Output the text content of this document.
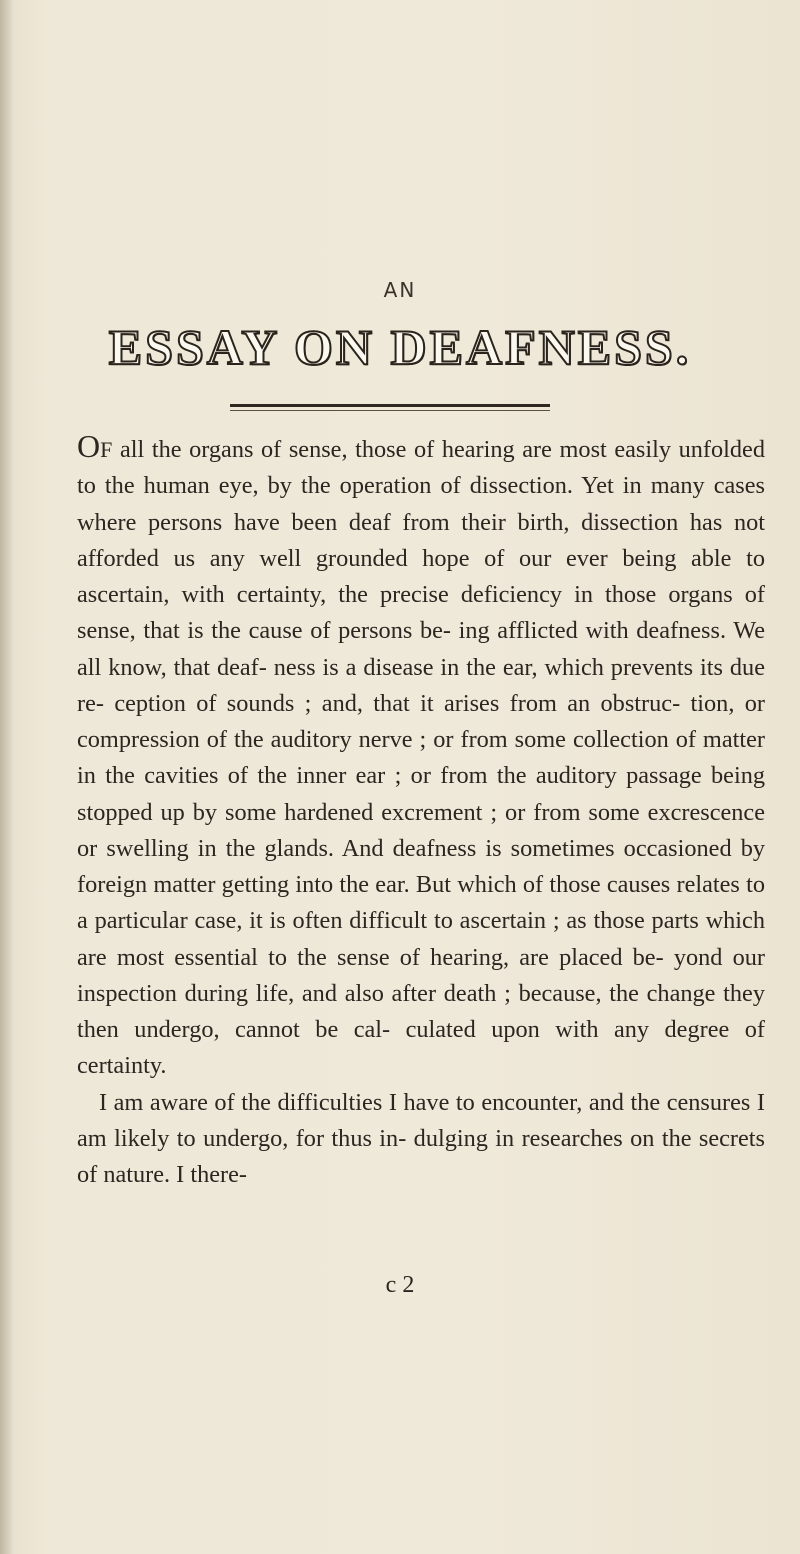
AN
ESSAY ON DEAFNESS.

Of all the organs of sense, those of hearing are most easily unfolded to the human eye, by the operation of dissection. Yet in many cases where persons have been deaf from their birth, dissection has not afforded us any well grounded hope of our ever being able to ascertain, with certainty, the precise deficiency in those organs of sense, that is the cause of persons be- ing afflicted with deafness. We all know, that deaf- ness is a disease in the ear, which prevents its due re- ception of sounds ; and, that it arises from an obstruc- tion, or compression of the auditory nerve ; or from some collection of matter in the cavities of the inner ear ; or from the auditory passage being stopped up by some hardened excrement ; or from some excrescence or swelling in the glands. And deafness is sometimes occasioned by foreign matter getting into the ear. But which of those causes relates to a particular case, it is often difficult to ascertain ; as those parts which are most essential to the sense of hearing, are placed be- yond our inspection during life, and also after death ; because, the change they then undergo, cannot be cal- culated upon with any degree of certainty.

I am aware of the difficulties I have to encounter, and the censures I am likely to undergo, for thus in- dulging in researches on the secrets of nature. I there-

c 2
